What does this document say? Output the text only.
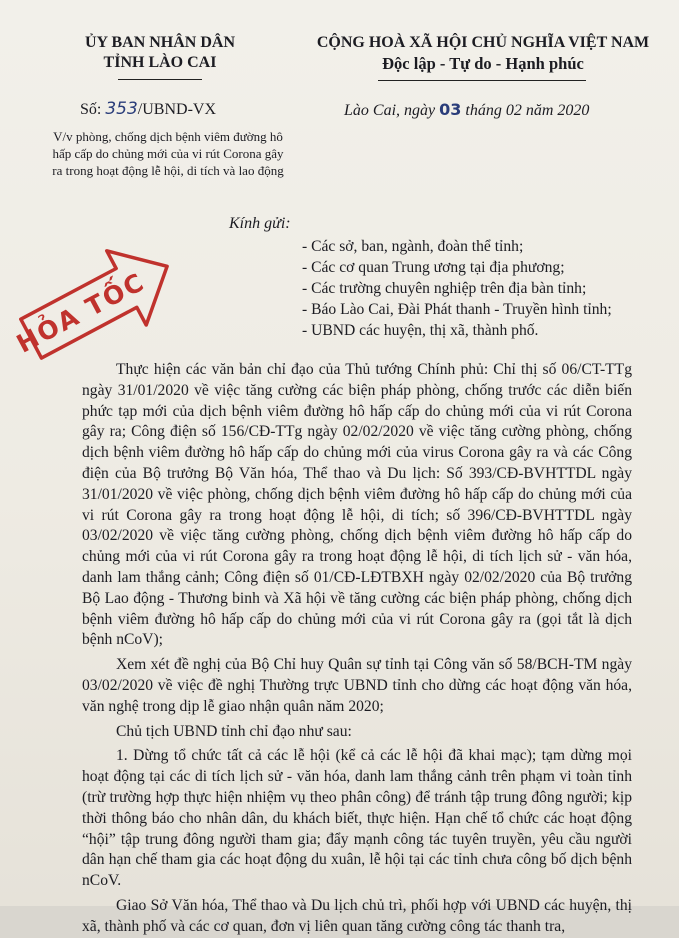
ỦY BAN NHÂN DÂN
TỈNH LÀO CAI
CỘNG HOÀ XÃ HỘI CHỦ NGHĨA VIỆT NAM
Độc lập - Tự do - Hạnh phúc
Số: 353/UBND-VX	Lào Cai, ngày 03 tháng 02 năm 2020
V/v phòng, chống dịch bệnh viêm đường hô
hấp cấp do chủng mới của vi rút Corona gây
ra trong hoạt động lễ hội, di tích và lao động
HỎA TỐC
Kính gửi:
- Các sở, ban, ngành, đoàn thể tỉnh;
- Các cơ quan Trung ương tại địa phương;
- Các trường chuyên nghiệp trên địa bàn tỉnh;
- Báo Lào Cai, Đài Phát thanh - Truyền hình tỉnh;
- UBND các huyện, thị xã, thành phố.

Thực hiện các văn bản chỉ đạo của Thủ tướng Chính phủ: Chỉ thị số 06/CT-TTg ngày 31/01/2020 về việc tăng cường các biện pháp phòng, chống trước các diễn biến phức tạp mới của dịch bệnh viêm đường hô hấp cấp do chủng mới của vi rút Corona gây ra; Công điện số 156/CĐ-TTg ngày 02/02/2020 về việc tăng cường phòng, chống dịch bệnh viêm đường hô hấp cấp do chủng mới của virus Corona gây ra và các Công điện của Bộ trưởng Bộ Văn hóa, Thể thao và Du lịch: Số 393/CĐ-BVHTTDL ngày 31/01/2020 về việc phòng, chống dịch bệnh viêm đường hô hấp cấp do chủng mới của vi rút Corona gây ra trong hoạt động lễ hội, di tích; số 396/CĐ-BVHTTDL ngày 03/02/2020 về việc tăng cường phòng, chống dịch bệnh viêm đường hô hấp cấp do chủng mới của vi rút Corona gây ra trong hoạt động lễ hội, di tích lịch sử - văn hóa, danh lam thắng cảnh; Công điện số 01/CĐ-LĐTBXH ngày 02/02/2020 của Bộ trưởng Bộ Lao động - Thương binh và Xã hội về tăng cường các biện pháp phòng, chống dịch bệnh viêm đường hô hấp cấp do chủng mới của vi rút Corona gây ra (gọi tắt là dịch bệnh nCoV);

Xem xét đề nghị của Bộ Chỉ huy Quân sự tỉnh tại Công văn số 58/BCH-TM ngày 03/02/2020 về việc đề nghị Thường trực UBND tỉnh cho dừng các hoạt động văn hóa, văn nghệ trong dịp lễ giao nhận quân năm 2020;

Chủ tịch UBND tỉnh chỉ đạo như sau:

1. Dừng tổ chức tất cả các lễ hội (kể cả các lễ hội đã khai mạc); tạm dừng mọi hoạt động tại các di tích lịch sử - văn hóa, danh lam thắng cảnh trên phạm vi toàn tỉnh (trừ trường hợp thực hiện nhiệm vụ theo phân công) để tránh tập trung đông người; kịp thời thông báo cho nhân dân, du khách biết, thực hiện. Hạn chế tổ chức các hoạt động “hội” tập trung đông người tham gia; đẩy mạnh công tác tuyên truyền, yêu cầu người dân hạn chế tham gia các hoạt động du xuân, lễ hội tại các tỉnh chưa công bố dịch bệnh nCoV.

Giao Sở Văn hóa, Thể thao và Du lịch chủ trì, phối hợp với UBND các huyện, thị xã, thành phố và các cơ quan, đơn vị liên quan tăng cường công tác thanh tra,
